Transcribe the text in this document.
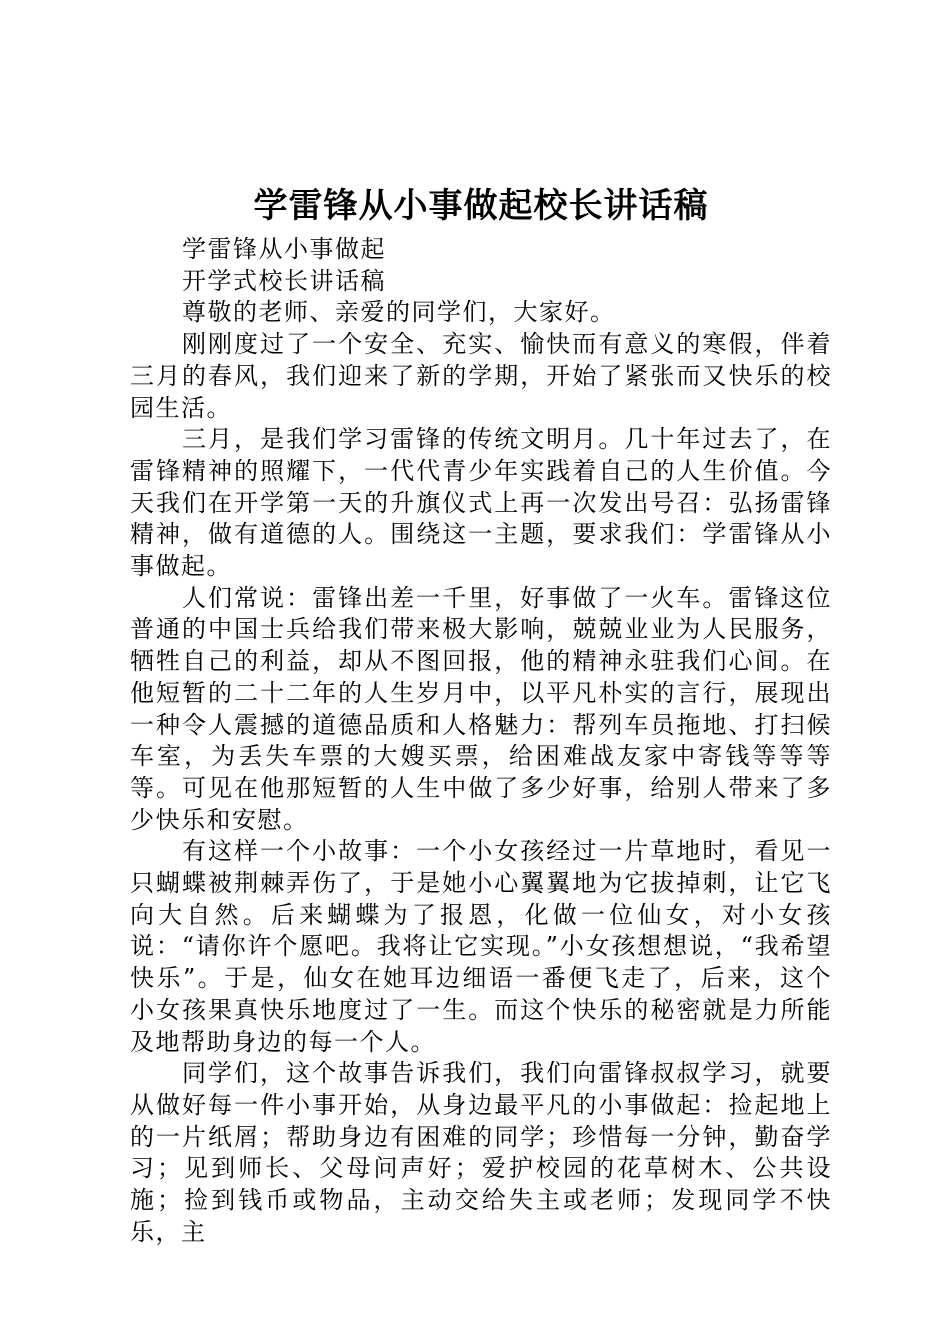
学雷锋从小事做起校长讲话稿

学雷锋从小事做起

开学式校长讲话稿

尊敬的老师、亲爱的同学们，大家好。

刚刚度过了一个安全、充实、愉快而有意义的寒假，伴着三月的春风，我们迎来了新的学期，开始了紧张而又快乐的校园生活。

三月，是我们学习雷锋的传统文明月。几十年过去了，在雷锋精神的照耀下，一代代青少年实践着自己的人生价值。今天我们在开学第一天的升旗仪式上再一次发出号召：弘扬雷锋精神，做有道德的人。围绕这一主题，要求我们：学雷锋从小事做起。

人们常说：雷锋出差一千里，好事做了一火车。雷锋这位普通的中国士兵给我们带来极大影响，兢兢业业为人民服务，牺牲自己的利益，却从不图回报，他的精神永驻我们心间。在他短暂的二十二年的人生岁月中，以平凡朴实的言行，展现出一种令人震撼的道德品质和人格魅力：帮列车员拖地、打扫候车室，为丢失车票的大嫂买票，给困难战友家中寄钱等等等等。可见在他那短暂的人生中做了多少好事，给别人带来了多少快乐和安慰。

有这样一个小故事：一个小女孩经过一片草地时，看见一只蝴蝶被荆棘弄伤了，于是她小心翼翼地为它拔掉刺，让它飞向大自然。后来蝴蝶为了报恩，化做一位仙女，对小女孩说：“请你许个愿吧。我将让它实现。”小女孩想想说，“我希望快乐”。于是，仙女在她耳边细语一番便飞走了，后来，这个小女孩果真快乐地度过了一生。而这个快乐的秘密就是力所能及地帮助身边的每一个人。

同学们，这个故事告诉我们，我们向雷锋叔叔学习，就要从做好每一件小事开始，从身边最平凡的小事做起：捡起地上的一片纸屑；帮助身边有困难的同学；珍惜每一分钟，勤奋学习；见到师长、父母问声好；爱护校园的花草树木、公共设施；捡到钱币或物品，主动交给失主或老师；发现同学不快乐，主
